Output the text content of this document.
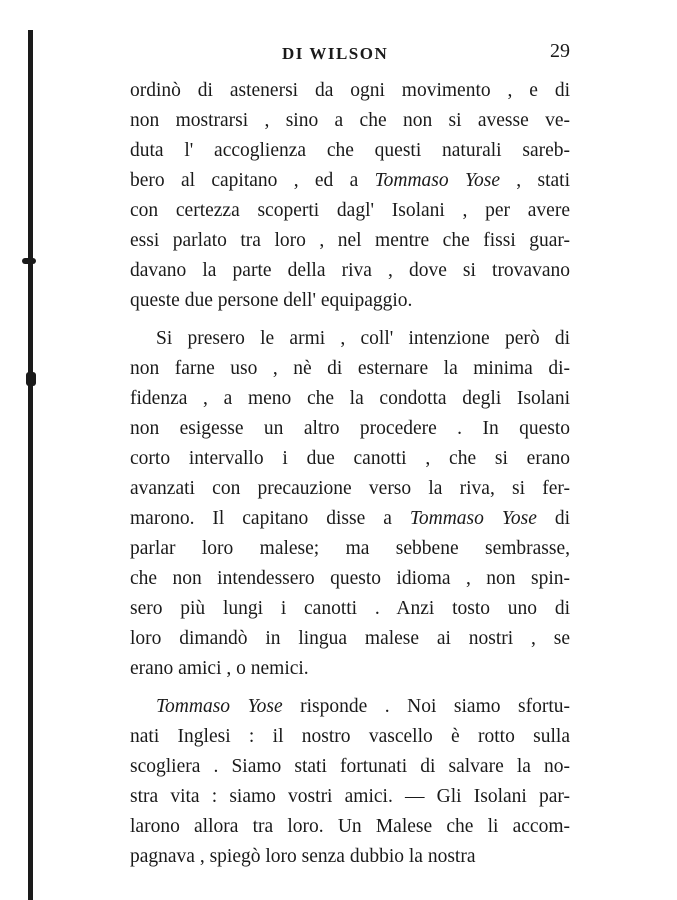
DI WILSON	29
ordinò di astenersi da ogni movimento , e di
non mostrarsi , sino a che non si avesse ve-
duta l' accoglienza che questi naturali sareb-
bero al capitano , ed a Tommaso Yose , stati
con certezza scoperti dagl' Isolani , per avere
essi parlato tra loro , nel mentre che fissi guar-
davano la parte della riva , dove si trovavano
queste due persone dell' equipaggio.
Si presero le armi , coll' intenzione però di
non farne uso , nè di esternare la minima di-
fidenza , a meno che la condotta degli Isolani
non esigesse un altro procedere . In questo
corto intervallo i due canotti , che si erano
avanzati con precauzione verso la riva, si fer-
marono. Il capitano disse a Tommaso Yose di
parlar loro malese; ma sebbene sembrasse,
che non intendessero questo idioma , non spin-
sero più lungi i canotti . Anzi tosto uno di
loro dimandò in lingua malese ai nostri , se
erano amici , o nemici.
Tommaso Yose risponde . Noi siamo sfortu-
nati Inglesi : il nostro vascello è rotto sulla
scogliera . Siamo stati fortunati di salvare la no-
stra vita : siamo vostri amici. — Gli Isolani par-
larono allora tra loro. Un Malese che li accom-
pagnava , spiegò loro senza dubbio la nostra
